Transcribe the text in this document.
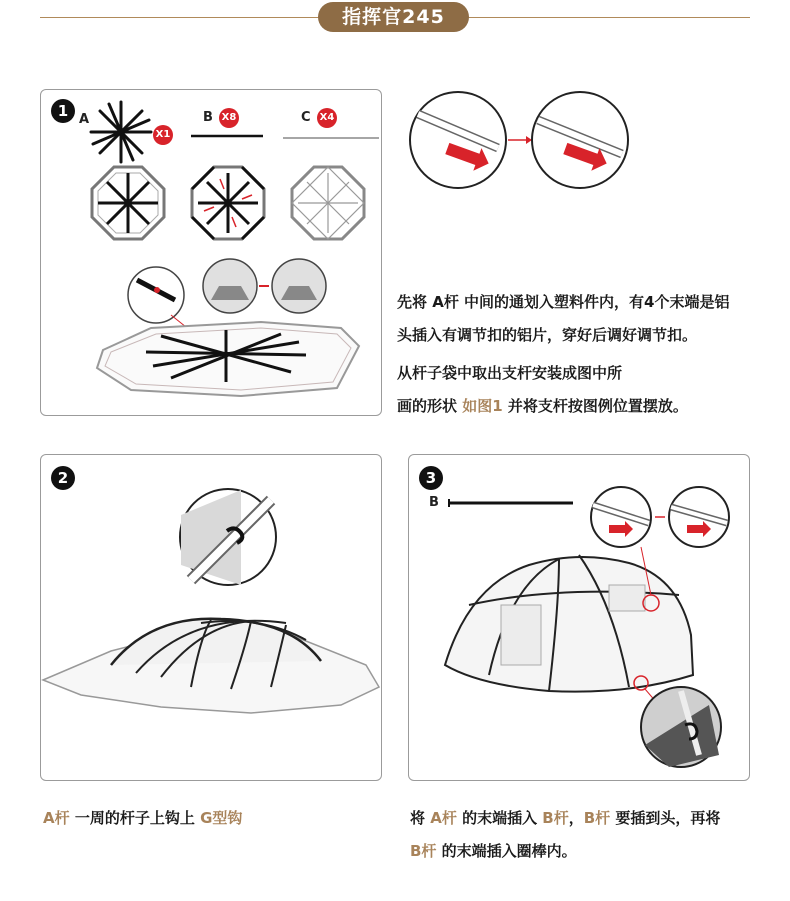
指挥官245
1 A
X1
B X8	C X4
先将 A杆 中间的通划入塑料件内，有4个末端是铝
头插入有调节扣的铝片，穿好后调好调节扣。
从杆子袋中取出支杆安装成图中所
画的形状 如图1 并将支杆按图例位置摆放。
2	3
B
A杆 一周的杆子上钩上 G型钩	将 A杆 的末端插入 B杆，B杆 要插到头，再将
B杆 的末端插入圈棒内。
